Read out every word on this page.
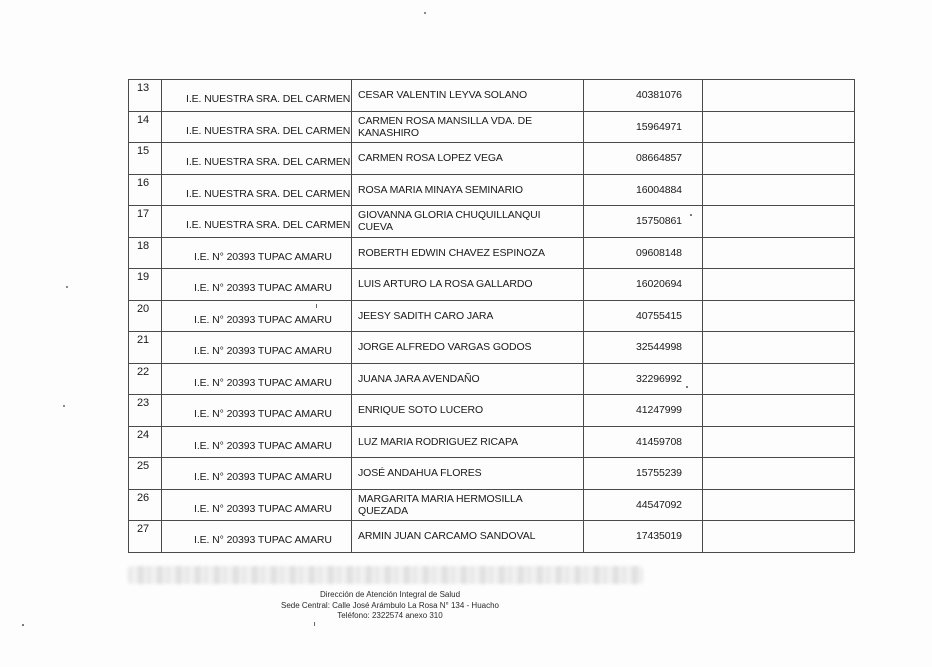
13	I.E. NUESTRA SRA. DEL CARMEN	CESAR VALENTIN LEYVA SOLANO	40381076	

14	I.E. NUESTRA SRA. DEL CARMEN	CARMEN ROSA MANSILLA VDA. DE
KANASHIRO	15964971	

15	I.E. NUESTRA SRA. DEL CARMEN	CARMEN ROSA LOPEZ VEGA	08664857	

16	I.E. NUESTRA SRA. DEL CARMEN	ROSA MARIA MINAYA SEMINARIO	16004884	

17	I.E. NUESTRA SRA. DEL CARMEN	GIOVANNA GLORIA CHUQUILLANQUI
CUEVA	15750861	

18	I.E. N° 20393 TUPAC AMARU	ROBERTH EDWIN CHAVEZ ESPINOZA	09608148	

19	I.E. N° 20393 TUPAC AMARU	LUIS ARTURO LA ROSA GALLARDO	16020694	

20	I.E. N° 20393 TUPAC AMARU	JEESY SADITH CARO JARA	40755415	

21	I.E. N° 20393 TUPAC AMARU	JORGE ALFREDO VARGAS GODOS	32544998	

22	I.E. N° 20393 TUPAC AMARU	JUANA JARA AVENDAÑO	32296992	

23	I.E. N° 20393 TUPAC AMARU	ENRIQUE SOTO LUCERO	41247999	

24	I.E. N° 20393 TUPAC AMARU	LUZ MARIA RODRIGUEZ RICAPA	41459708	

25	I.E. N° 20393 TUPAC AMARU	JOSÉ ANDAHUA FLORES	15755239	

26	I.E. N° 20393 TUPAC AMARU	MARGARITA MARIA HERMOSILLA
QUEZADA	44547092	

27	I.E. N° 20393 TUPAC AMARU	ARMIN JUAN CARCAMO SANDOVAL	17435019	

Dirección de Atención Integral de Salud
Sede Central: Calle José Arámbulo La Rosa N° 134 - Huacho
Teléfono: 2322574 anexo 310
